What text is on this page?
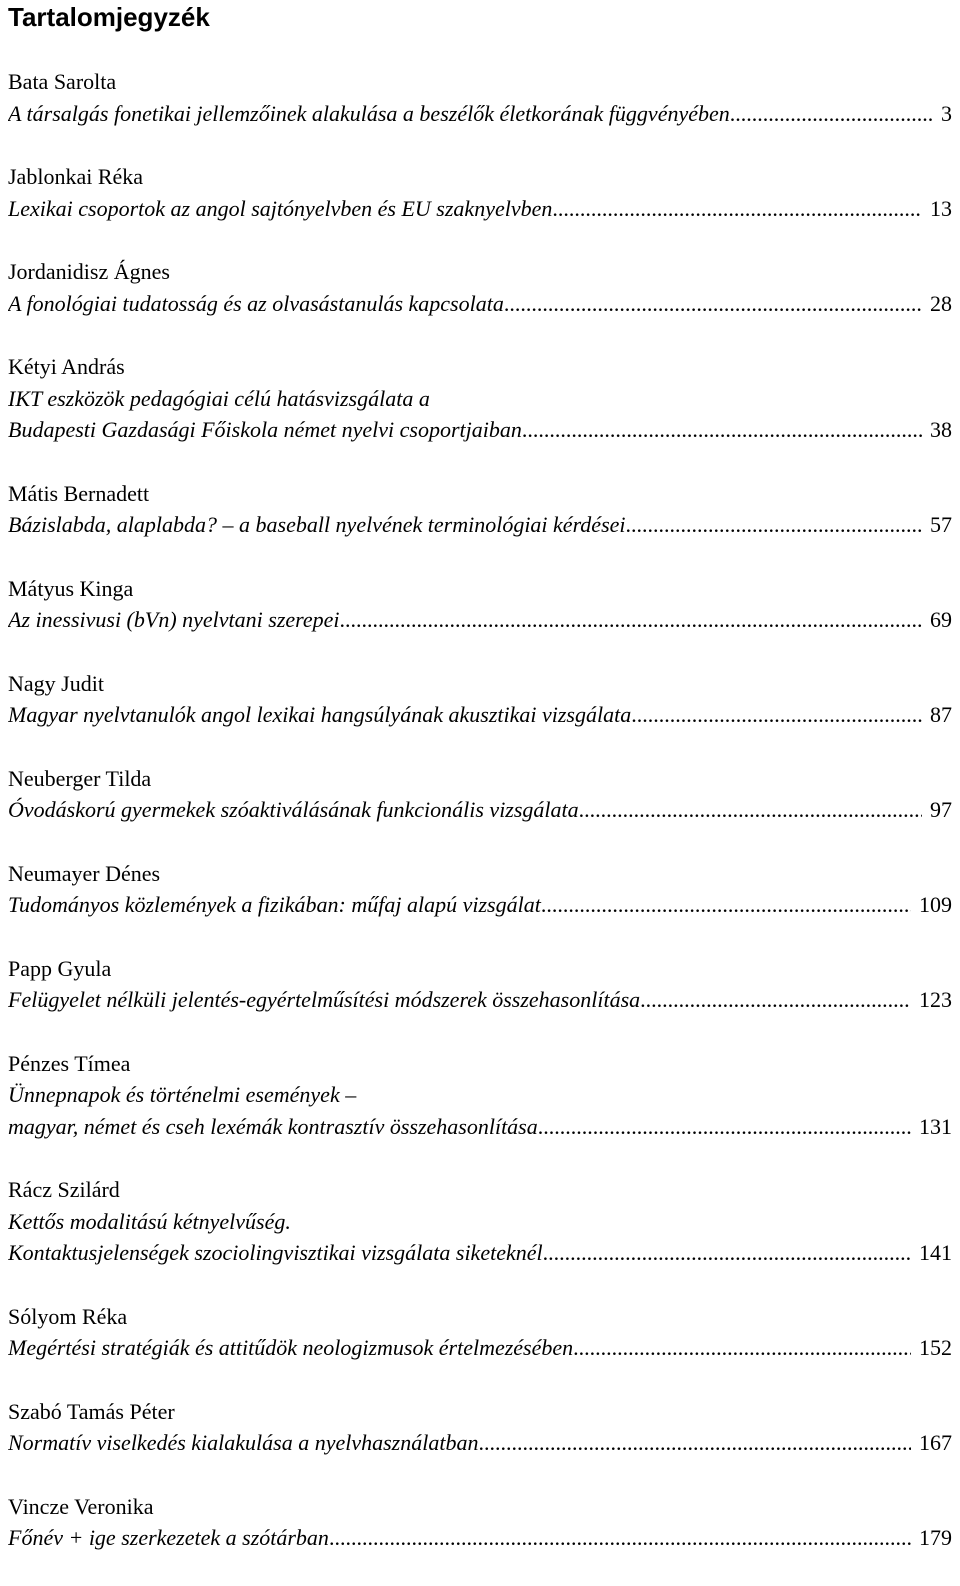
Tartalomjegyzék
Bata Sarolta
A társalgás fonetikai jellemzőinek alakulása a beszélők életkorának függvényében .....	3
Jablonkai Réka
Lexikai csoportok az angol sajtónyelvben és EU szaknyelvben .....	13
Jordanidisz Ágnes
A fonológiai tudatosság és az olvasástanulás kapcsolata .....	28
Kétyi András
IKT eszközök pedagógiai célú hatásvizsgálata a
Budapesti Gazdasági Főiskola német nyelvi csoportjaiban .....	38
Mátis Bernadett
Bázislabda, alaplabda? – a baseball nyelvének terminológiai kérdései .....	57
Mátyus Kinga
Az inessivusi (bVn) nyelvtani szerepei .....	69
Nagy Judit
Magyar nyelvtanulók angol lexikai hangsúlyának akusztikai vizsgálata .....	87
Neuberger Tilda
Óvodáskorú gyermekek szóaktiválásának funkcionális vizsgálata .....	97
Neumayer Dénes
Tudományos közlemények a fizikában: műfaj alapú vizsgálat .....	109
Papp Gyula
Felügyelet nélküli jelentés-egyértelműsítési módszerek összehasonlítása .....	123
Pénzes Tímea
Ünnepnapok és történelmi események –
magyar, német és cseh lexémák kontrasztív összehasonlítása .....	131
Rácz Szilárd
Kettős modalitású kétnyelvűség.
Kontaktusjelenségek szociolingvisztikai vizsgálata siketeknél .....	141
Sólyom Réka
Megértési stratégiák és attitűdök neologizmusok értelmezésében .....	152
Szabó Tamás Péter
Normatív viselkedés kialakulása a nyelvhasználatban .....	167
Vincze Veronika
Főnév + ige szerkezetek a szótárban .....	179
